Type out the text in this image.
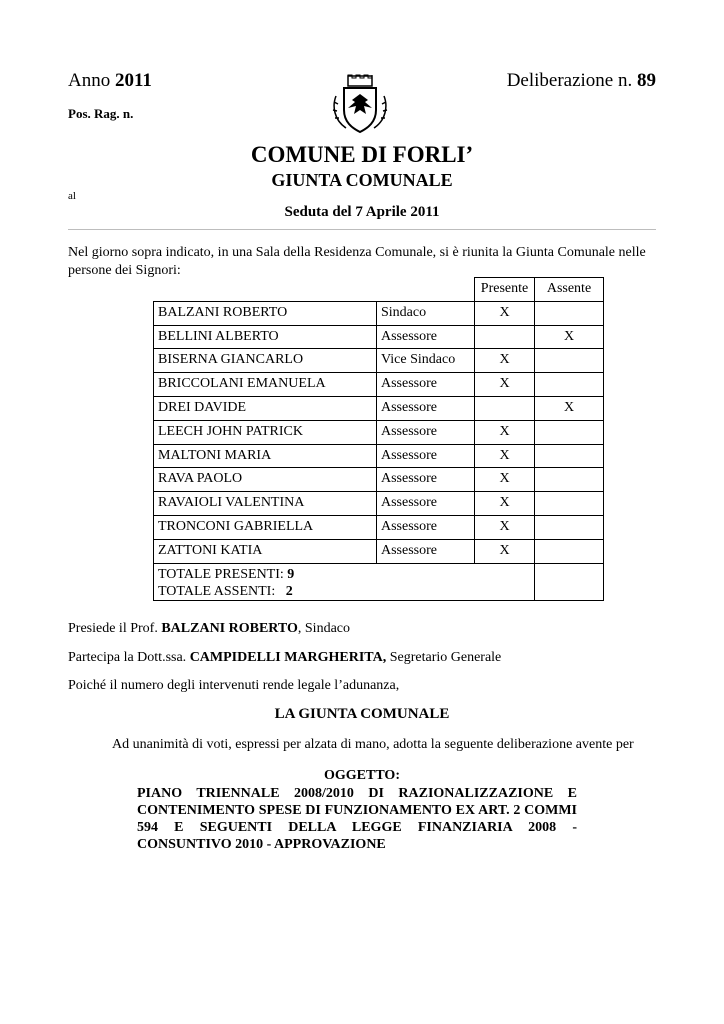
Anno 2011	Deliberazione n. 89
Pos. Rag. n.
COMUNE DI FORLI’
GIUNTA COMUNALE
al
Seduta del 7 Aprile 2011
Nel giorno sopra indicato, in una Sala della Residenza Comunale, si è riunita la Giunta Comunale nelle persone dei Signori:
		Presente	Assente
BALZANI ROBERTO	Sindaco	X	
BELLINI ALBERTO	Assessore		X
BISERNA GIANCARLO	Vice Sindaco	X	
BRICCOLANI EMANUELA	Assessore	X	
DREI DAVIDE	Assessore		X
LEECH JOHN PATRICK	Assessore	X	
MALTONI MARIA	Assessore	X	
RAVA PAOLO	Assessore	X	
RAVAIOLI VALENTINA	Assessore	X	
TRONCONI GABRIELLA	Assessore	X	
ZATTONI KATIA	Assessore	X	
TOTALE PRESENTI: 9
TOTALE ASSENTI: 2			
Presiede il Prof. BALZANI ROBERTO, Sindaco
Partecipa la Dott.ssa. CAMPIDELLI MARGHERITA, Segretario Generale
Poiché il numero degli intervenuti rende legale l’adunanza,
LA GIUNTA COMUNALE
Ad unanimità di voti, espressi per alzata di mano, adotta la seguente deliberazione avente per
OGGETTO:
PIANO TRIENNALE 2008/2010 DI RAZIONALIZZAZIONE E CONTENIMENTO SPESE DI FUNZIONAMENTO EX ART. 2 COMMI 594 E SEGUENTI DELLA LEGGE FINANZIARIA 2008 - CONSUNTIVO 2010 - APPROVAZIONE
